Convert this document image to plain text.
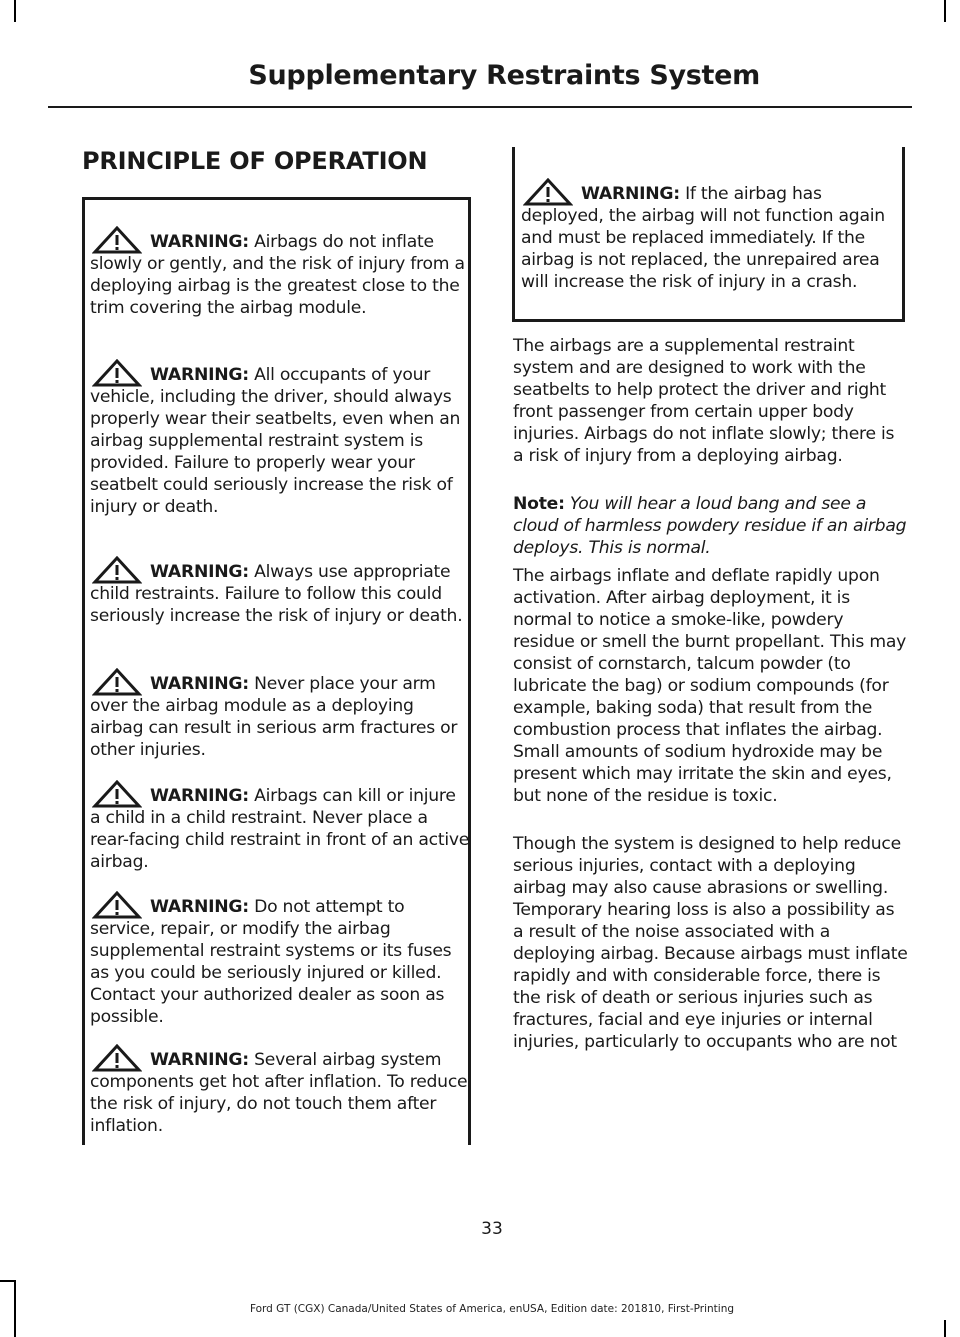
Supplementary Restraints System
PRINCIPLE OF OPERATION
WARNING: Airbags do not inflate slowly or gently, and the risk of injury from a deploying airbag is the greatest close to the trim covering the airbag module.
WARNING: All occupants of your vehicle, including the driver, should always properly wear their seatbelts, even when an airbag supplemental restraint system is provided. Failure to properly wear your seatbelt could seriously increase the risk of injury or death.
WARNING: Always use appropriate child restraints. Failure to follow this could seriously increase the risk of injury or death.
WARNING: Never place your arm over the airbag module as a deploying airbag can result in serious arm fractures or other injuries.
WARNING: Airbags can kill or injure a child in a child restraint. Never place a rear-facing child restraint in front of an active airbag.
WARNING: Do not attempt to service, repair, or modify the airbag supplemental restraint systems or its fuses as you could be seriously injured or killed. Contact your authorized dealer as soon as possible.
WARNING: Several airbag system components get hot after inflation. To reduce the risk of injury, do not touch them after inflation.
WARNING: If the airbag has deployed, the airbag will not function again and must be replaced immediately. If the airbag is not replaced, the unrepaired area will increase the risk of injury in a crash.

The airbags are a supplemental restraint system and are designed to work with the seatbelts to help protect the driver and right front passenger from certain upper body injuries. Airbags do not inflate slowly; there is a risk of injury from a deploying airbag.

Note: You will hear a loud bang and see a cloud of harmless powdery residue if an airbag deploys. This is normal.

The airbags inflate and deflate rapidly upon activation. After airbag deployment, it is normal to notice a smoke-like, powdery residue or smell the burnt propellant. This may consist of cornstarch, talcum powder (to lubricate the bag) or sodium compounds (for example, baking soda) that result from the combustion process that inflates the airbag. Small amounts of sodium hydroxide may be present which may irritate the skin and eyes, but none of the residue is toxic.

Though the system is designed to help reduce serious injuries, contact with a deploying airbag may also cause abrasions or swelling. Temporary hearing loss is also a possibility as a result of the noise associated with a deploying airbag. Because airbags must inflate rapidly and with considerable force, there is the risk of death or serious injuries such as fractures, facial and eye injuries or internal injuries, particularly to occupants who are not

33
Ford GT (CGX) Canada/United States of America, enUSA, Edition date: 201810, First-Printing
